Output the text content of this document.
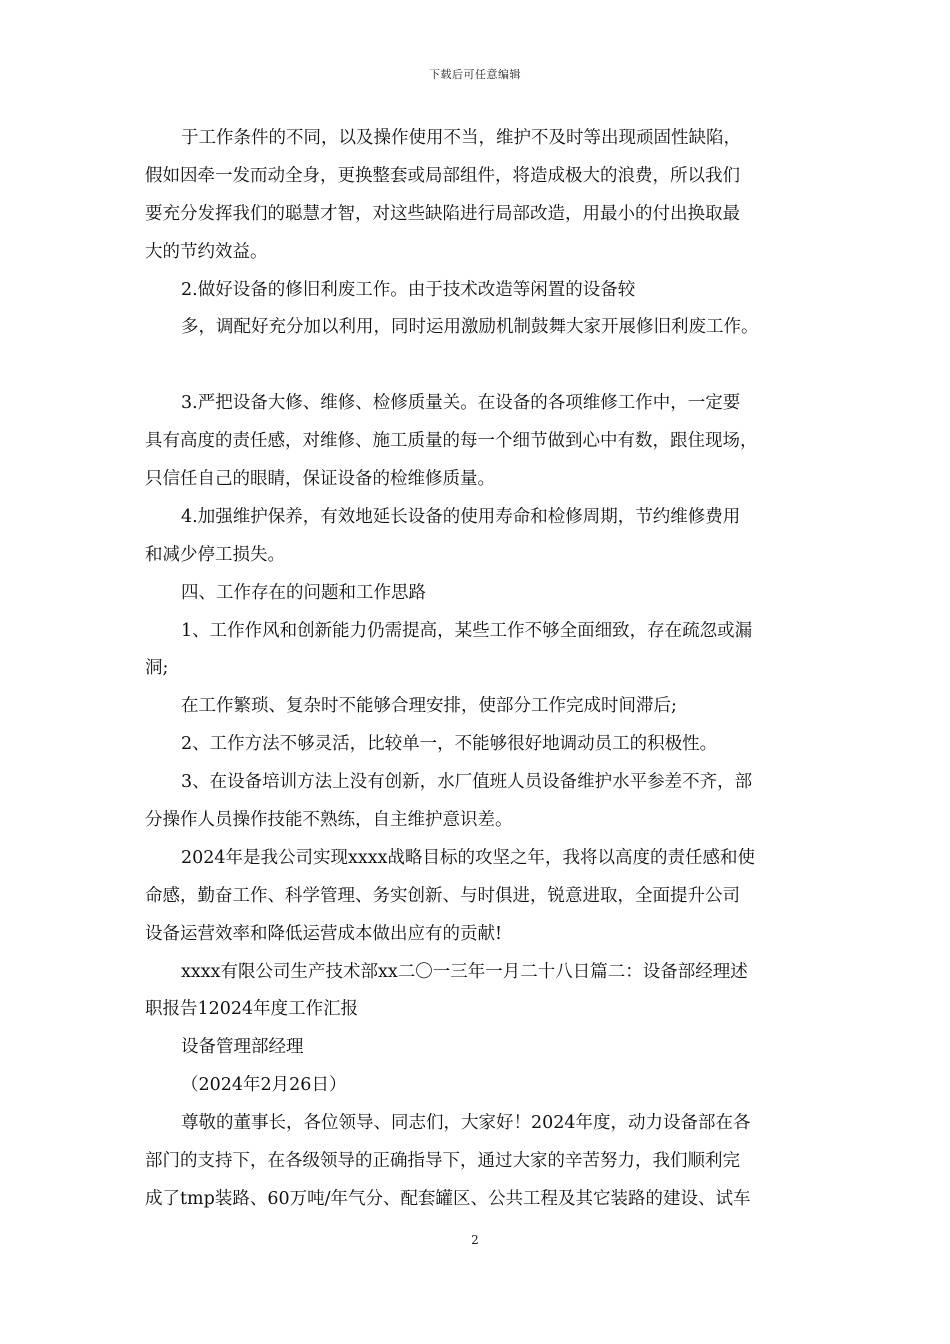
下载后可任意编辑
于工作条件的不同，以及操作使用不当，维护不及时等出现顽固性缺陷，
假如因牵一发而动全身，更换整套或局部组件，将造成极大的浪费，所以我们
要充分发挥我们的聪慧才智，对这些缺陷进行局部改造，用最小的付出换取最
大的节约效益。
2.做好设备的修旧利废工作。由于技术改造等闲置的设备较
多，调配好充分加以利用，同时运用激励机制鼓舞大家开展修旧利废工作。
3.严把设备大修、维修、检修质量关。在设备的各项维修工作中，一定要
具有高度的责任感，对维修、施工质量的每一个细节做到心中有数，跟住现场，
只信任自己的眼睛，保证设备的检维修质量。
4.加强维护保养，有效地延长设备的使用寿命和检修周期，节约维修费用
和减少停工损失。
四、工作存在的问题和工作思路
1、工作作风和创新能力仍需提高，某些工作不够全面细致，存在疏忽或漏
洞;
在工作繁琐、复杂时不能够合理安排，使部分工作完成时间滞后;
2、工作方法不够灵活，比较单一，不能够很好地调动员工的积极性。
3、在设备培训方法上没有创新，水厂值班人员设备维护水平参差不齐，部
分操作人员操作技能不熟练，自主维护意识差。
2024年是我公司实现xxxx战略目标的攻坚之年，我将以高度的责任感和使
命感，勤奋工作、科学管理、务实创新、与时俱进，锐意进取，全面提升公司
设备运营效率和降低运营成本做出应有的贡献!
xxxx有限公司生产技术部xx二〇一三年一月二十八日篇二：设备部经理述
职报告12024年度工作汇报
设备管理部经理
（2024年2月26日）
尊敬的董事长，各位领导、同志们，大家好！2024年度，动力设备部在各
部门的支持下，在各级领导的正确指导下，通过大家的辛苦努力，我们顺利完
成了tmp装路、60万吨/年气分、配套罐区、公共工程及其它装路的建设、试车
2
